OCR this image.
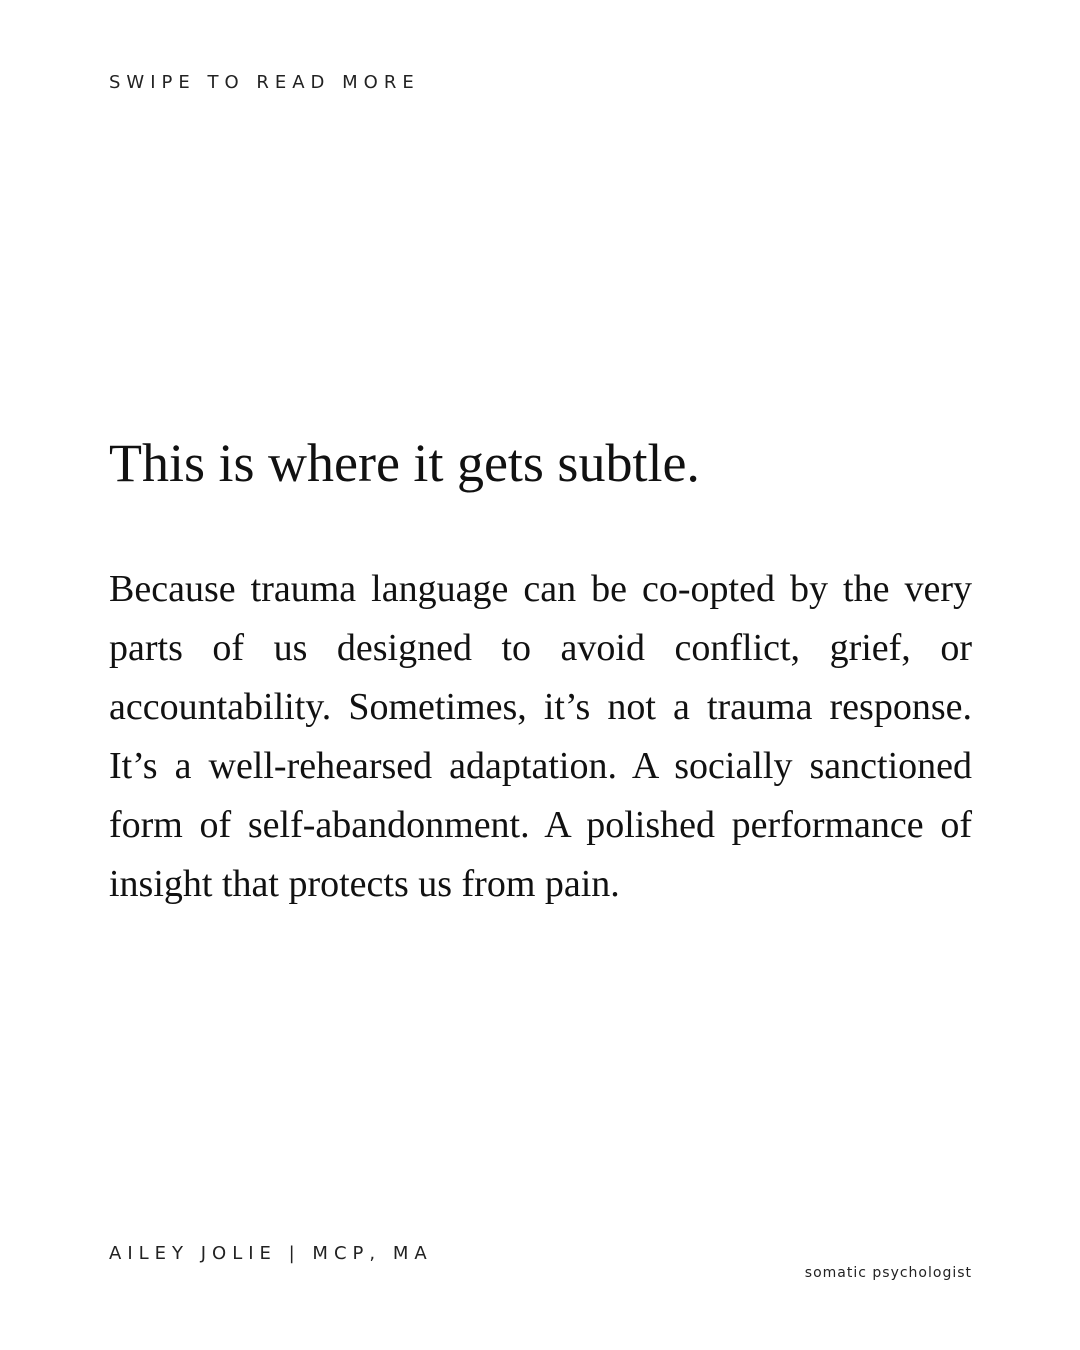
SWIPE TO READ MORE
This is where it gets subtle.

Because trauma language can be co-opted by the very parts of us designed to avoid conflict, grief, or accountability. Sometimes, it’s not a trauma response. It’s a well-rehearsed adaptation. A socially sanctioned form of self-abandonment. A polished performance of insight that protects us from pain.

AILEY JOLIE | MCP, MA
somatic psychologist
